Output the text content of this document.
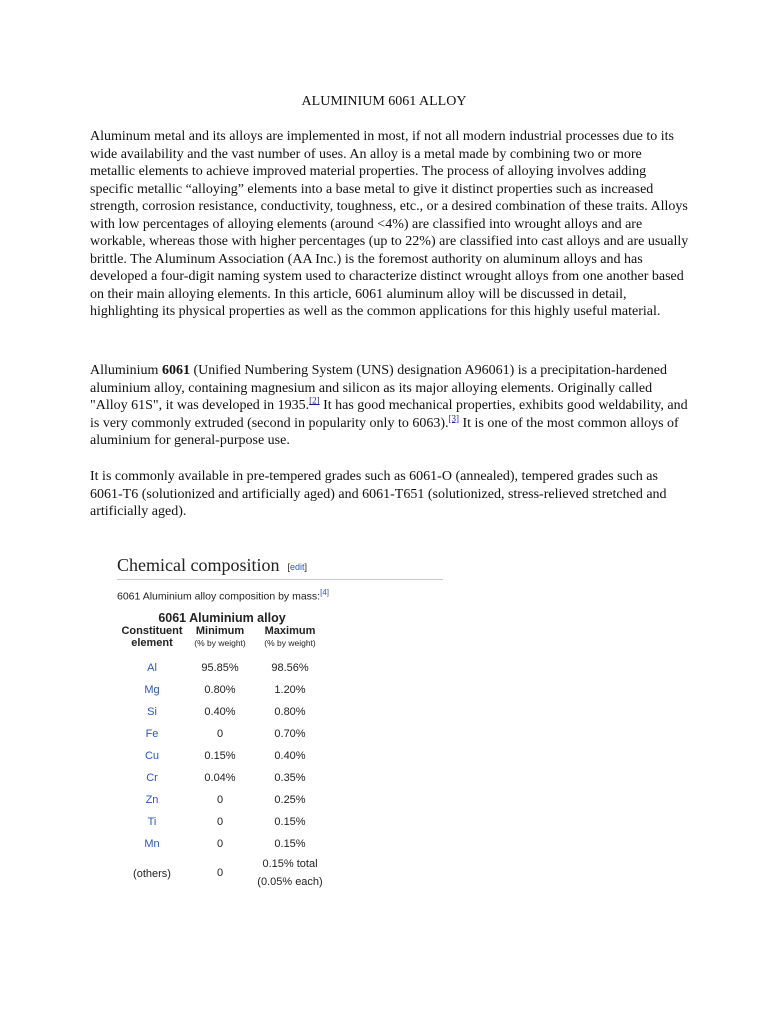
ALUMINIUM 6061 ALLOY

Aluminum metal and its alloys are implemented in most, if not all modern industrial processes due to its wide availability and the vast number of uses. An alloy is a metal made by combining two or more metallic elements to achieve improved material properties. The process of alloying involves adding specific metallic “alloying” elements into a base metal to give it distinct properties such as increased strength, corrosion resistance, conductivity, toughness, etc., or a desired combination of these traits. Alloys with low percentages of alloying elements (around <4%) are classified into wrought alloys and are workable, whereas those with higher percentages (up to 22%) are classified into cast alloys and are usually brittle. The Aluminum Association (AA Inc.) is the foremost authority on aluminum alloys and has developed a four-digit naming system used to characterize distinct wrought alloys from one another based on their main alloying elements. In this article, 6061 aluminum alloy will be discussed in detail, highlighting its physical properties as well as the common applications for this highly useful material.

Alluminium 6061 (Unified Numbering System (UNS) designation A96061) is a precipitation-hardened aluminium alloy, containing magnesium and silicon as its major alloying elements. Originally called "Alloy 61S", it was developed in 1935.[2] It has good mechanical properties, exhibits good weldability, and is very commonly extruded (second in popularity only to 6063).[3] It is one of the most common alloys of aluminium for general-purpose use.

It is commonly available in pre-tempered grades such as 6061-O (annealed), tempered grades such as 6061-T6 (solutionized and artificially aged) and 6061-T651 (solutionized, stress-relieved stretched and artificially aged).

Chemical composition [edit]
6061 Aluminium alloy composition by mass:[4]
6061 Aluminium alloy		
Constituent	Minimum	Maximum
element	(% by weight)	(% by weight)
Al	95.85%	98.56%
Mg	0.80%	1.20%
Si	0.40%	0.80%
Fe	0	0.70%
Cu	0.15%	0.40%
Cr	0.04%	0.35%
Zn	0	0.25%
Ti	0	0.15%
Mn	0	0.15%
(others)	0	0.15% total
		(0.05% each)
